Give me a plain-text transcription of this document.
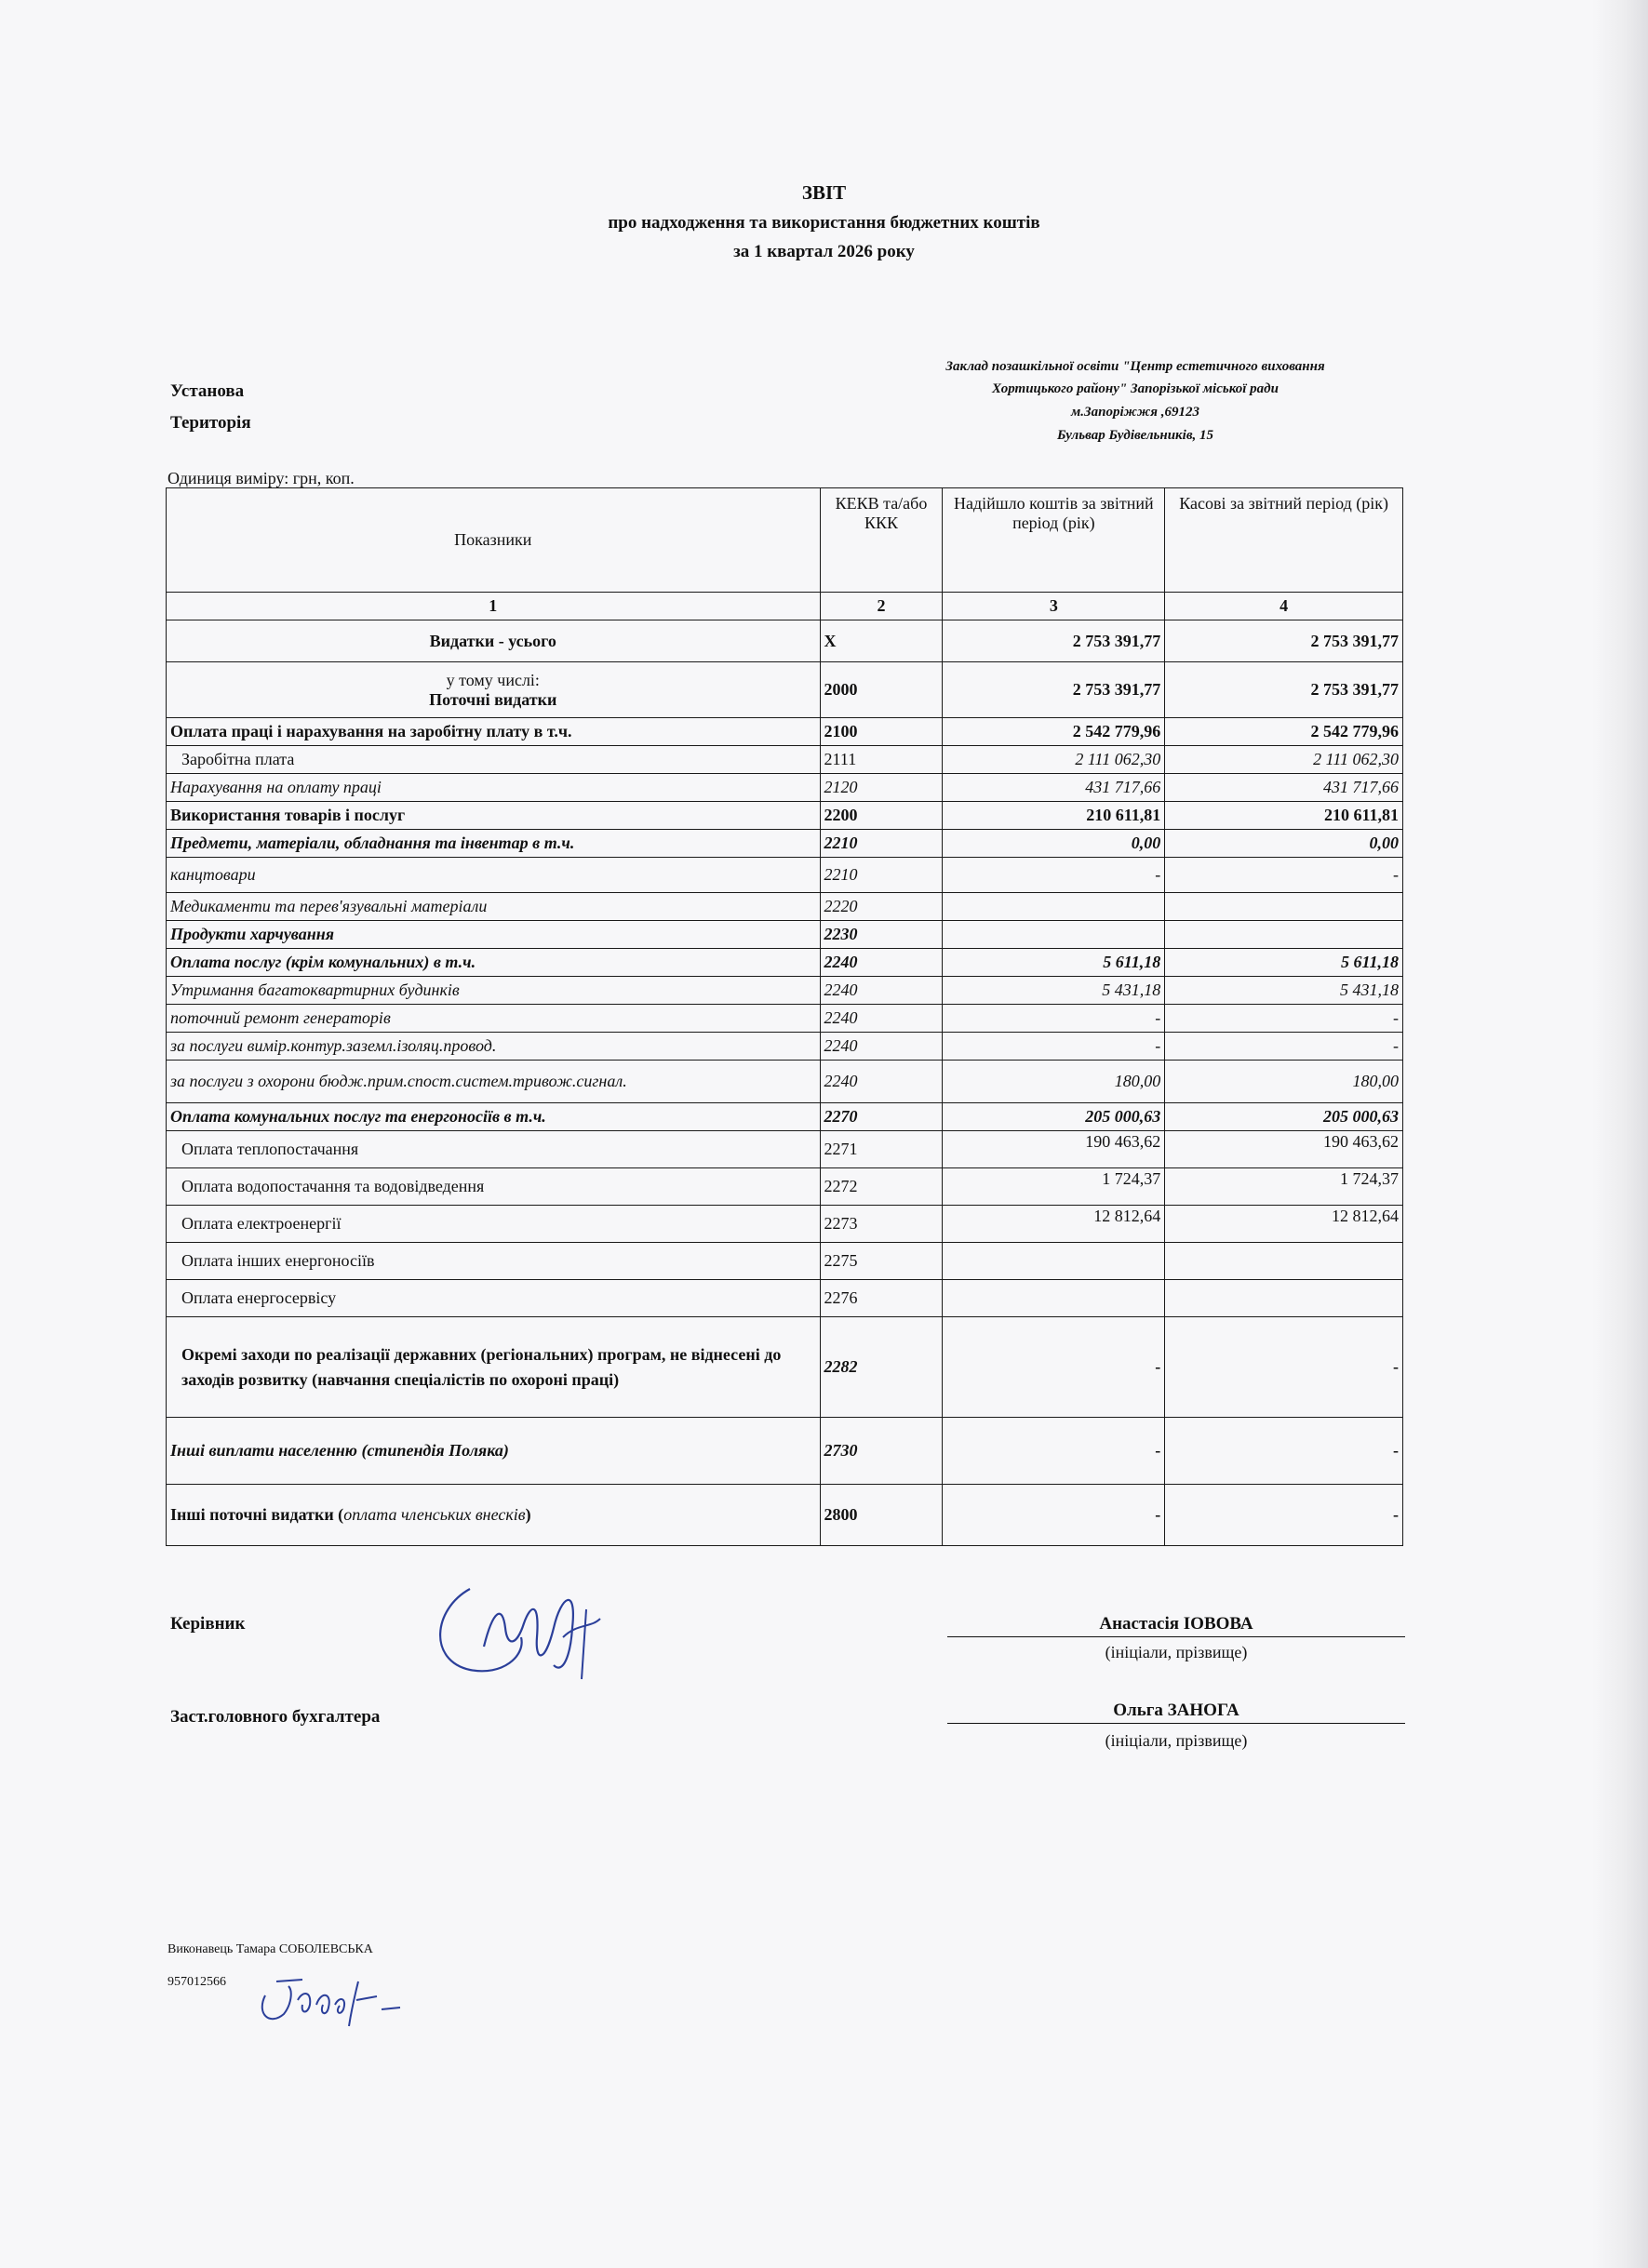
ЗВІТ
про надходження та використання бюджетних коштів
за 1 квартал 2026 року
Установа
Територія
Заклад позашкільної освіти "Центр естетичного виховання
Хортицького району" Запорізької міської ради
м.Запоріжжя ,69123
Бульвар Будівельників, 15
Одиниця виміру: грн, коп.
Показники	КЕКВ та/або ККК	Надійшло коштів за звітний період (рік)	Касові за звітний період (рік)
1	2	3	4
Видатки - усього	X	2 753 391,77	2 753 391,77

у тому числі:
Поточні видатки	2000	2 753 391,77	2 753 391,77
Оплата праці і нарахування на заробітну плату в т.ч.	2100	2 542 779,96	2 542 779,96
Заробітна плата	2111	2 111 062,30	2 111 062,30
Нарахування на оплату праці	2120	431 717,66	431 717,66
Використання товарів і послуг	2200	210 611,81	210 611,81
Предмети, матеріали, обладнання та інвентар в т.ч.	2210	0,00	0,00
канцтовари	2210	-	-
Медикаменти та перев'язувальні матеріали	2220		
Продукти харчування	2230		
Оплата послуг (крім комунальних) в т.ч.	2240	5 611,18	5 611,18
Утримання багатоквартирних будинків	2240	5 431,18	5 431,18
поточний ремонт генераторів	2240	-	-
за послуги вимір.контур.заземл.ізоляц.провод.	2240	-	-
за послуги з охорони бюдж.прим.спост.систем.тривож.сигнал.	2240	180,00	180,00
Оплата комунальних послуг та енергоносіїв в т.ч.	2270	205 000,63	205 000,63
Оплата теплопостачання	2271	190 463,62	190 463,62
Оплата водопостачання та водовідведення	2272	1 724,37	1 724,37
Оплата електроенергії	2273	12 812,64	12 812,64
Оплата інших енергоносіїв	2275		
Оплата енергосервісу	2276		
Окремі заходи по реалізації державних (регіональних) програм, не віднесені до заходів розвитку (навчання спеціалістів по охороні праці)	2282	-	-
Інші виплати населенню (стипендія Поляка)	2730	-	-
Інші поточні видатки (оплата членських внесків)	2800	-	-
Керівник
Заст.головного бухгалтера
Анастасія ІОВОВА
(ініціали, прізвище)
Ольга ЗАНОГА
(ініціали, прізвище)
Виконавець Тамара СОБОЛЕВСЬКА
957012566
